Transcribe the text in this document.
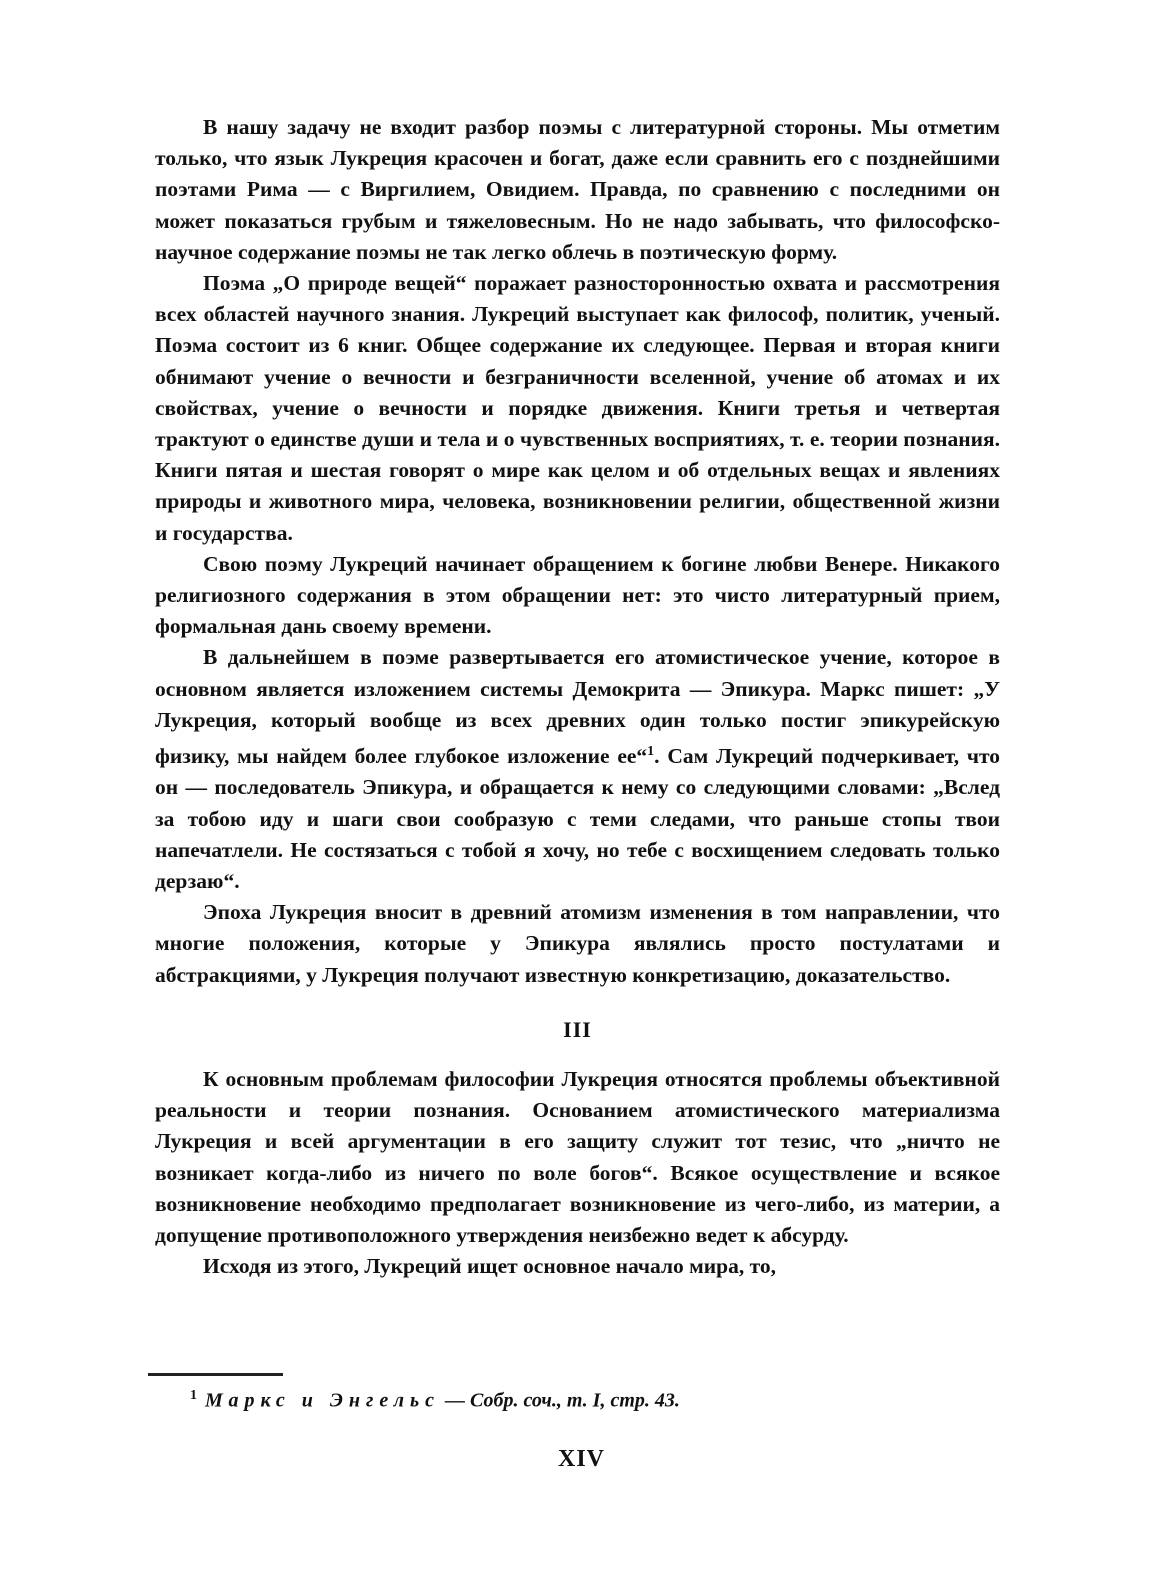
В нашу задачу не входит разбор поэмы с литературной стороны. Мы отметим только, что язык Лукреция красочен и богат, даже если сравнить его с позднейшими поэтами Рима — с Виргилием, Овидием. Правда, по сравнению с последними он может показаться грубым и тяжеловесным. Но не надо забывать, что философско-научное содержание поэмы не так легко облечь в поэтическую форму.

Поэма „О природе вещей“ поражает разносторонностью охвата и рассмотрения всех областей научного знания. Лукреций выступает как философ, политик, ученый. Поэма состоит из 6 книг. Общее содержание их следующее. Первая и вторая книги обнимают учение о вечности и безграничности вселенной, учение об атомах и их свойствах, учение о вечности и порядке движения. Книги третья и четвертая трактуют о единстве души и тела и о чувственных восприятиях, т. е. теории познания. Книги пятая и шестая говорят о мире как целом и об отдельных вещах и явлениях природы и животного мира, человека, возникновении религии, общественной жизни и государства.

Свою поэму Лукреций начинает обращением к богине любви Венере. Никакого религиозного содержания в этом обращении нет: это чисто литературный прием, формальная дань своему времени.

В дальнейшем в поэме развертывается его атомистическое учение, которое в основном является изложением системы Демокрита — Эпикура. Маркс пишет: „У Лукреция, который вообще из всех древних один только постиг эпикурейскую физику, мы найдем более глубокое изложение ее“$^1$. Сам Лукреций подчеркивает, что он — последователь Эпикура, и обращается к нему со следующими словами: „Вслед за тобою иду и шаги свои сообразую с теми следами, что раньше стопы твои напечатлели. Не состязаться с тобой я хочу, но тебе с восхищением следовать только дерзаю“.

Эпоха Лукреция вносит в древний атомизм изменения в том направлении, что многие положения, которые у Эпикура являлись просто постулатами и абстракциями, у Лукреция получают известную конкретизацию, доказательство.

III

К основным проблемам философии Лукреция относятся проблемы объективной реальности и теории познания. Основанием атомистического материализма Лукреция и всей аргументации в его защиту служит тот тезис, что „ничто не возникает когда-либо из ничего по воле богов“. Всякое осуществление и всякое возникновение необходимо предполагает возникновение из чего-либо, из материи, а допущение противоположного утверждения неизбежно ведет к абсурду.

Исходя из этого, Лукреций ищет основное начало мира, то,

$^1$ Маркс и Энгельс — Собр. соч., т. I, стр. 43.
XIV
